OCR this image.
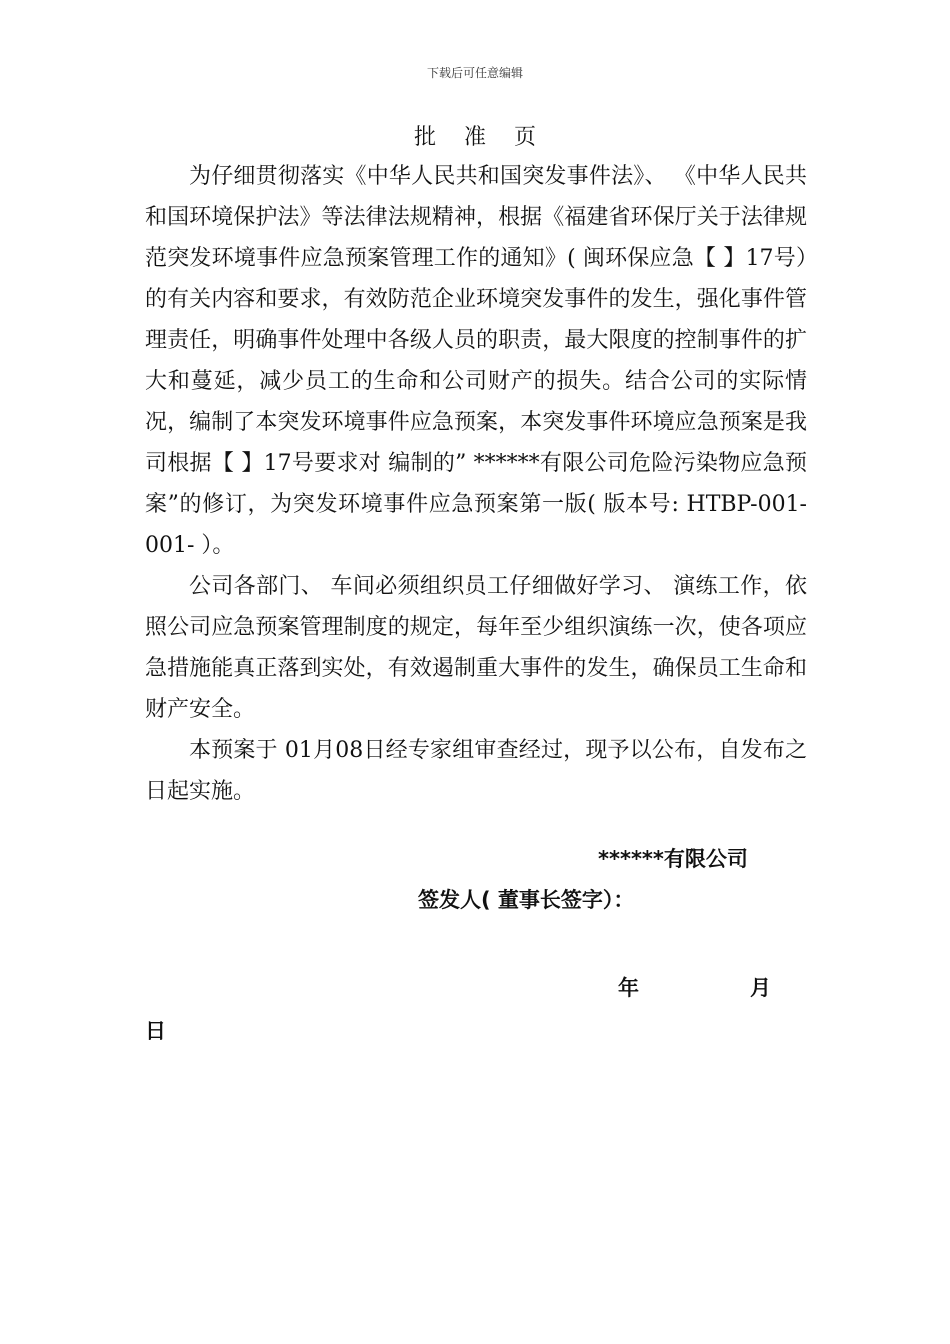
下载后可任意编辑
批准页

为仔细贯彻落实《中华人民共和国突发事件法》、 《中华人民共和国环境保护法》等法律法规精神，根据《福建省环保厅关于法律规范突发环境事件应急预案管理工作的通知》( 闽环保应急【 】17号）的有关内容和要求，有效防范企业环境突发事件的发生，强化事件管理责任，明确事件处理中各级人员的职责，最大限度的控制事件的扩大和蔓延，减少员工的生命和公司财产的损失。结合公司的实际情况，编制了本突发环境事件应急预案，本突发事件环境应急预案是我司根据【 】17号要求对 编制的” ******有限公司危险污染物应急预案”的修订，为突发环境事件应急预案第一版( 版本号: HTBP-001-001- ）。

公司各部门、 车间必须组织员工仔细做好学习、 演练工作，依照公司应急预案管理制度的规定，每年至少组织演练一次，使各项应急措施能真正落到实处，有效遏制重大事件的发生，确保员工生命和财产安全。

本预案于 01月08日经专家组审查经过，现予以公布，自发布之日起实施。

******有限公司
签发人( 董事长签字）：
年	月
日
